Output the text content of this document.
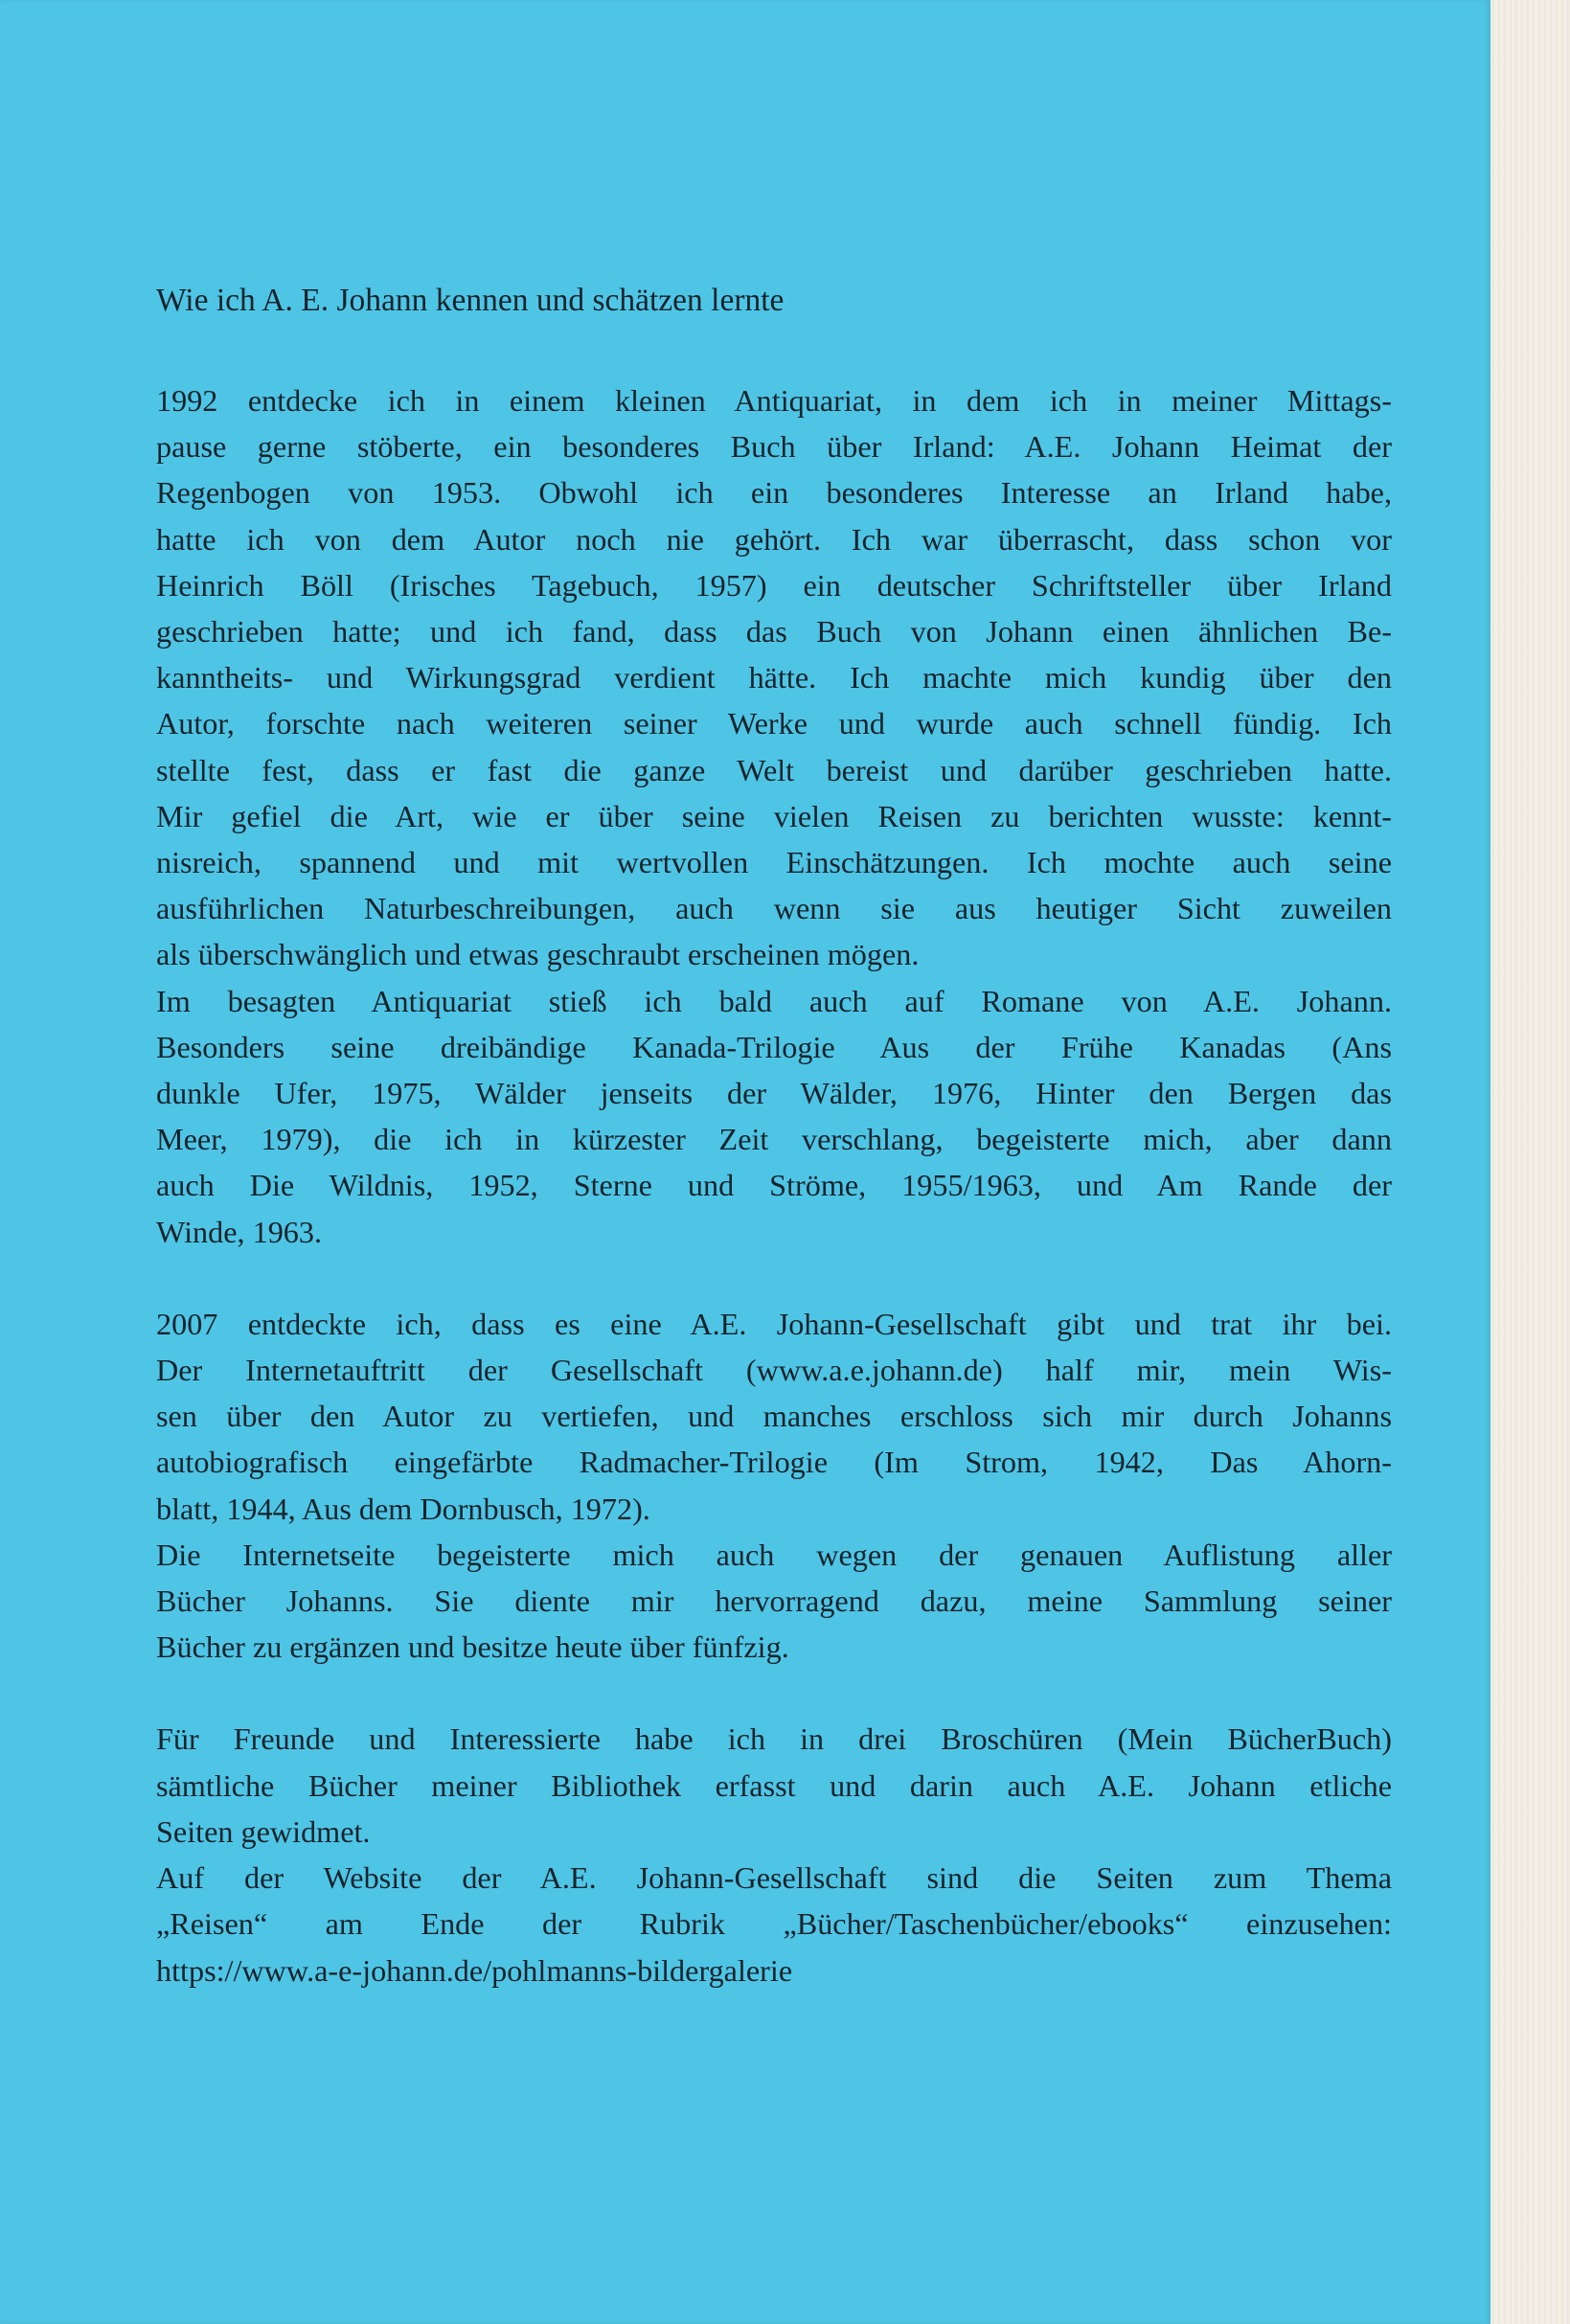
Wie ich A. E. Johann kennen und schätzen lernte
1992 entdecke ich in einem kleinen Antiquariat, in dem ich in meiner Mittags-
pause gerne stöberte, ein besonderes Buch über Irland: A.E. Johann Heimat der
Regenbogen von 1953. Obwohl ich ein besonderes Interesse an Irland habe,
hatte ich von dem Autor noch nie gehört. Ich war überrascht, dass schon vor
Heinrich Böll (Irisches Tagebuch, 1957) ein deutscher Schriftsteller über Irland
geschrieben hatte; und ich fand, dass das Buch von Johann einen ähnlichen Be-
kanntheits- und Wirkungsgrad verdient hätte. Ich machte mich kundig über den
Autor, forschte nach weiteren seiner Werke und wurde auch schnell fündig. Ich
stellte fest, dass er fast die ganze Welt bereist und darüber geschrieben hatte.
Mir gefiel die Art, wie er über seine vielen Reisen zu berichten wusste: kennt-
nisreich, spannend und mit wertvollen Einschätzungen. Ich mochte auch seine
ausführlichen Naturbeschreibungen, auch wenn sie aus heutiger Sicht zuweilen
als überschwänglich und etwas geschraubt erscheinen mögen.
Im besagten Antiquariat stieß ich bald auch auf Romane von A.E. Johann.
Besonders seine dreibändige Kanada-Trilogie Aus der Frühe Kanadas (Ans
dunkle Ufer, 1975, Wälder jenseits der Wälder, 1976, Hinter den Bergen das
Meer, 1979), die ich in kürzester Zeit verschlang, begeisterte mich, aber dann
auch Die Wildnis, 1952, Sterne und Ströme, 1955/1963, und Am Rande der
Winde, 1963.
2007 entdeckte ich, dass es eine A.E. Johann-Gesellschaft gibt und trat ihr bei.
Der Internetauftritt der Gesellschaft (www.a.e.johann.de) half mir, mein Wis-
sen über den Autor zu vertiefen, und manches erschloss sich mir durch Johanns
autobiografisch eingefärbte Radmacher-Trilogie (Im Strom, 1942, Das Ahorn-
blatt, 1944, Aus dem Dornbusch, 1972).
Die Internetseite begeisterte mich auch wegen der genauen Auflistung aller
Bücher Johanns. Sie diente mir hervorragend dazu, meine Sammlung seiner
Bücher zu ergänzen und besitze heute über fünfzig.
Für Freunde und Interessierte habe ich in drei Broschüren (Mein BücherBuch)
sämtliche Bücher meiner Bibliothek erfasst und darin auch A.E. Johann etliche
Seiten gewidmet.
Auf der Website der A.E. Johann-Gesellschaft sind die Seiten zum Thema
„Reisen“ am Ende der Rubrik „Bücher/Taschenbücher/ebooks“ einzusehen:
https://www.a-e-johann.de/pohlmanns-bildergalerie
